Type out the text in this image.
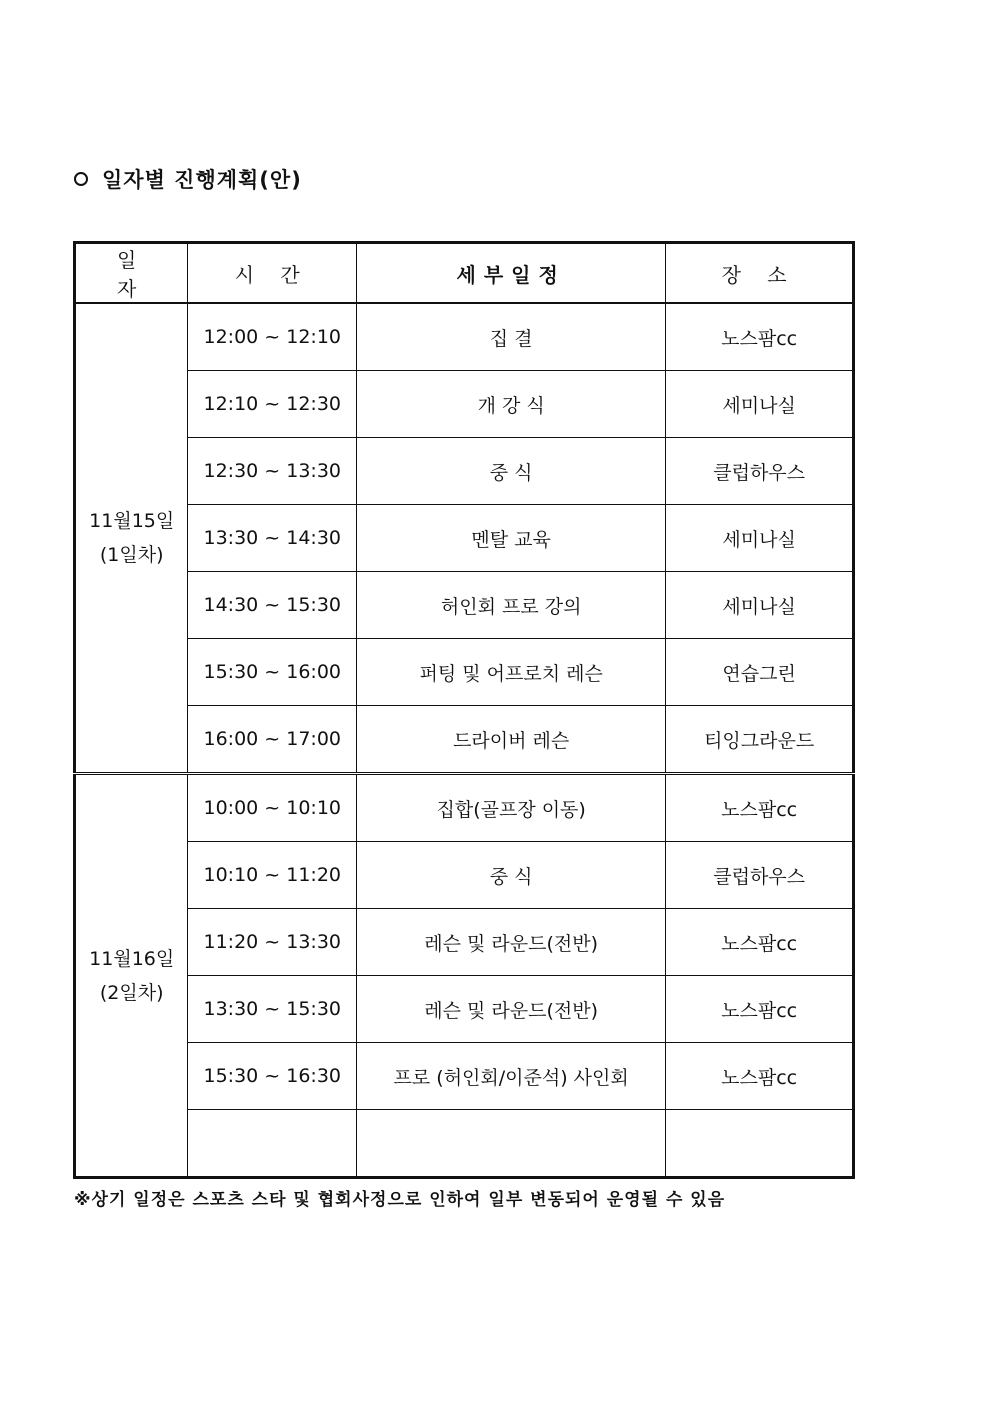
일자별 진행계획(안)
일　　자	시 간	세부일정	장 소

11월15일
(1일차)	12:00 ~ 12:10	집 결	노스팜cc
	12:10 ~ 12:30	개 강 식	세미나실
	12:30 ~ 13:30	중 식	클럽하우스
	13:30 ~ 14:30	멘탈 교육	세미나실
	14:30 ~ 15:30	허인회 프로 강의	세미나실
	15:30 ~ 16:00	퍼팅 및 어프로치 레슨	연습그린
	16:00 ~ 17:00	드라이버 레슨	티잉그라운드

11월16일
(2일차)	10:00 ~ 10:10	집합(골프장 이동)	노스팜cc
	10:10 ~ 11:20	중 식	클럽하우스
	11:20 ~ 13:30	레슨 및 라운드(전반)	노스팜cc
	13:30 ~ 15:30	레슨 및 라운드(전반)	노스팜cc
	15:30 ~ 16:30	프로 (허인회/이준석) 사인회	노스팜cc

※상기 일정은 스포츠 스타 및 협회사정으로 인하여 일부 변동되어 운영될 수 있음
